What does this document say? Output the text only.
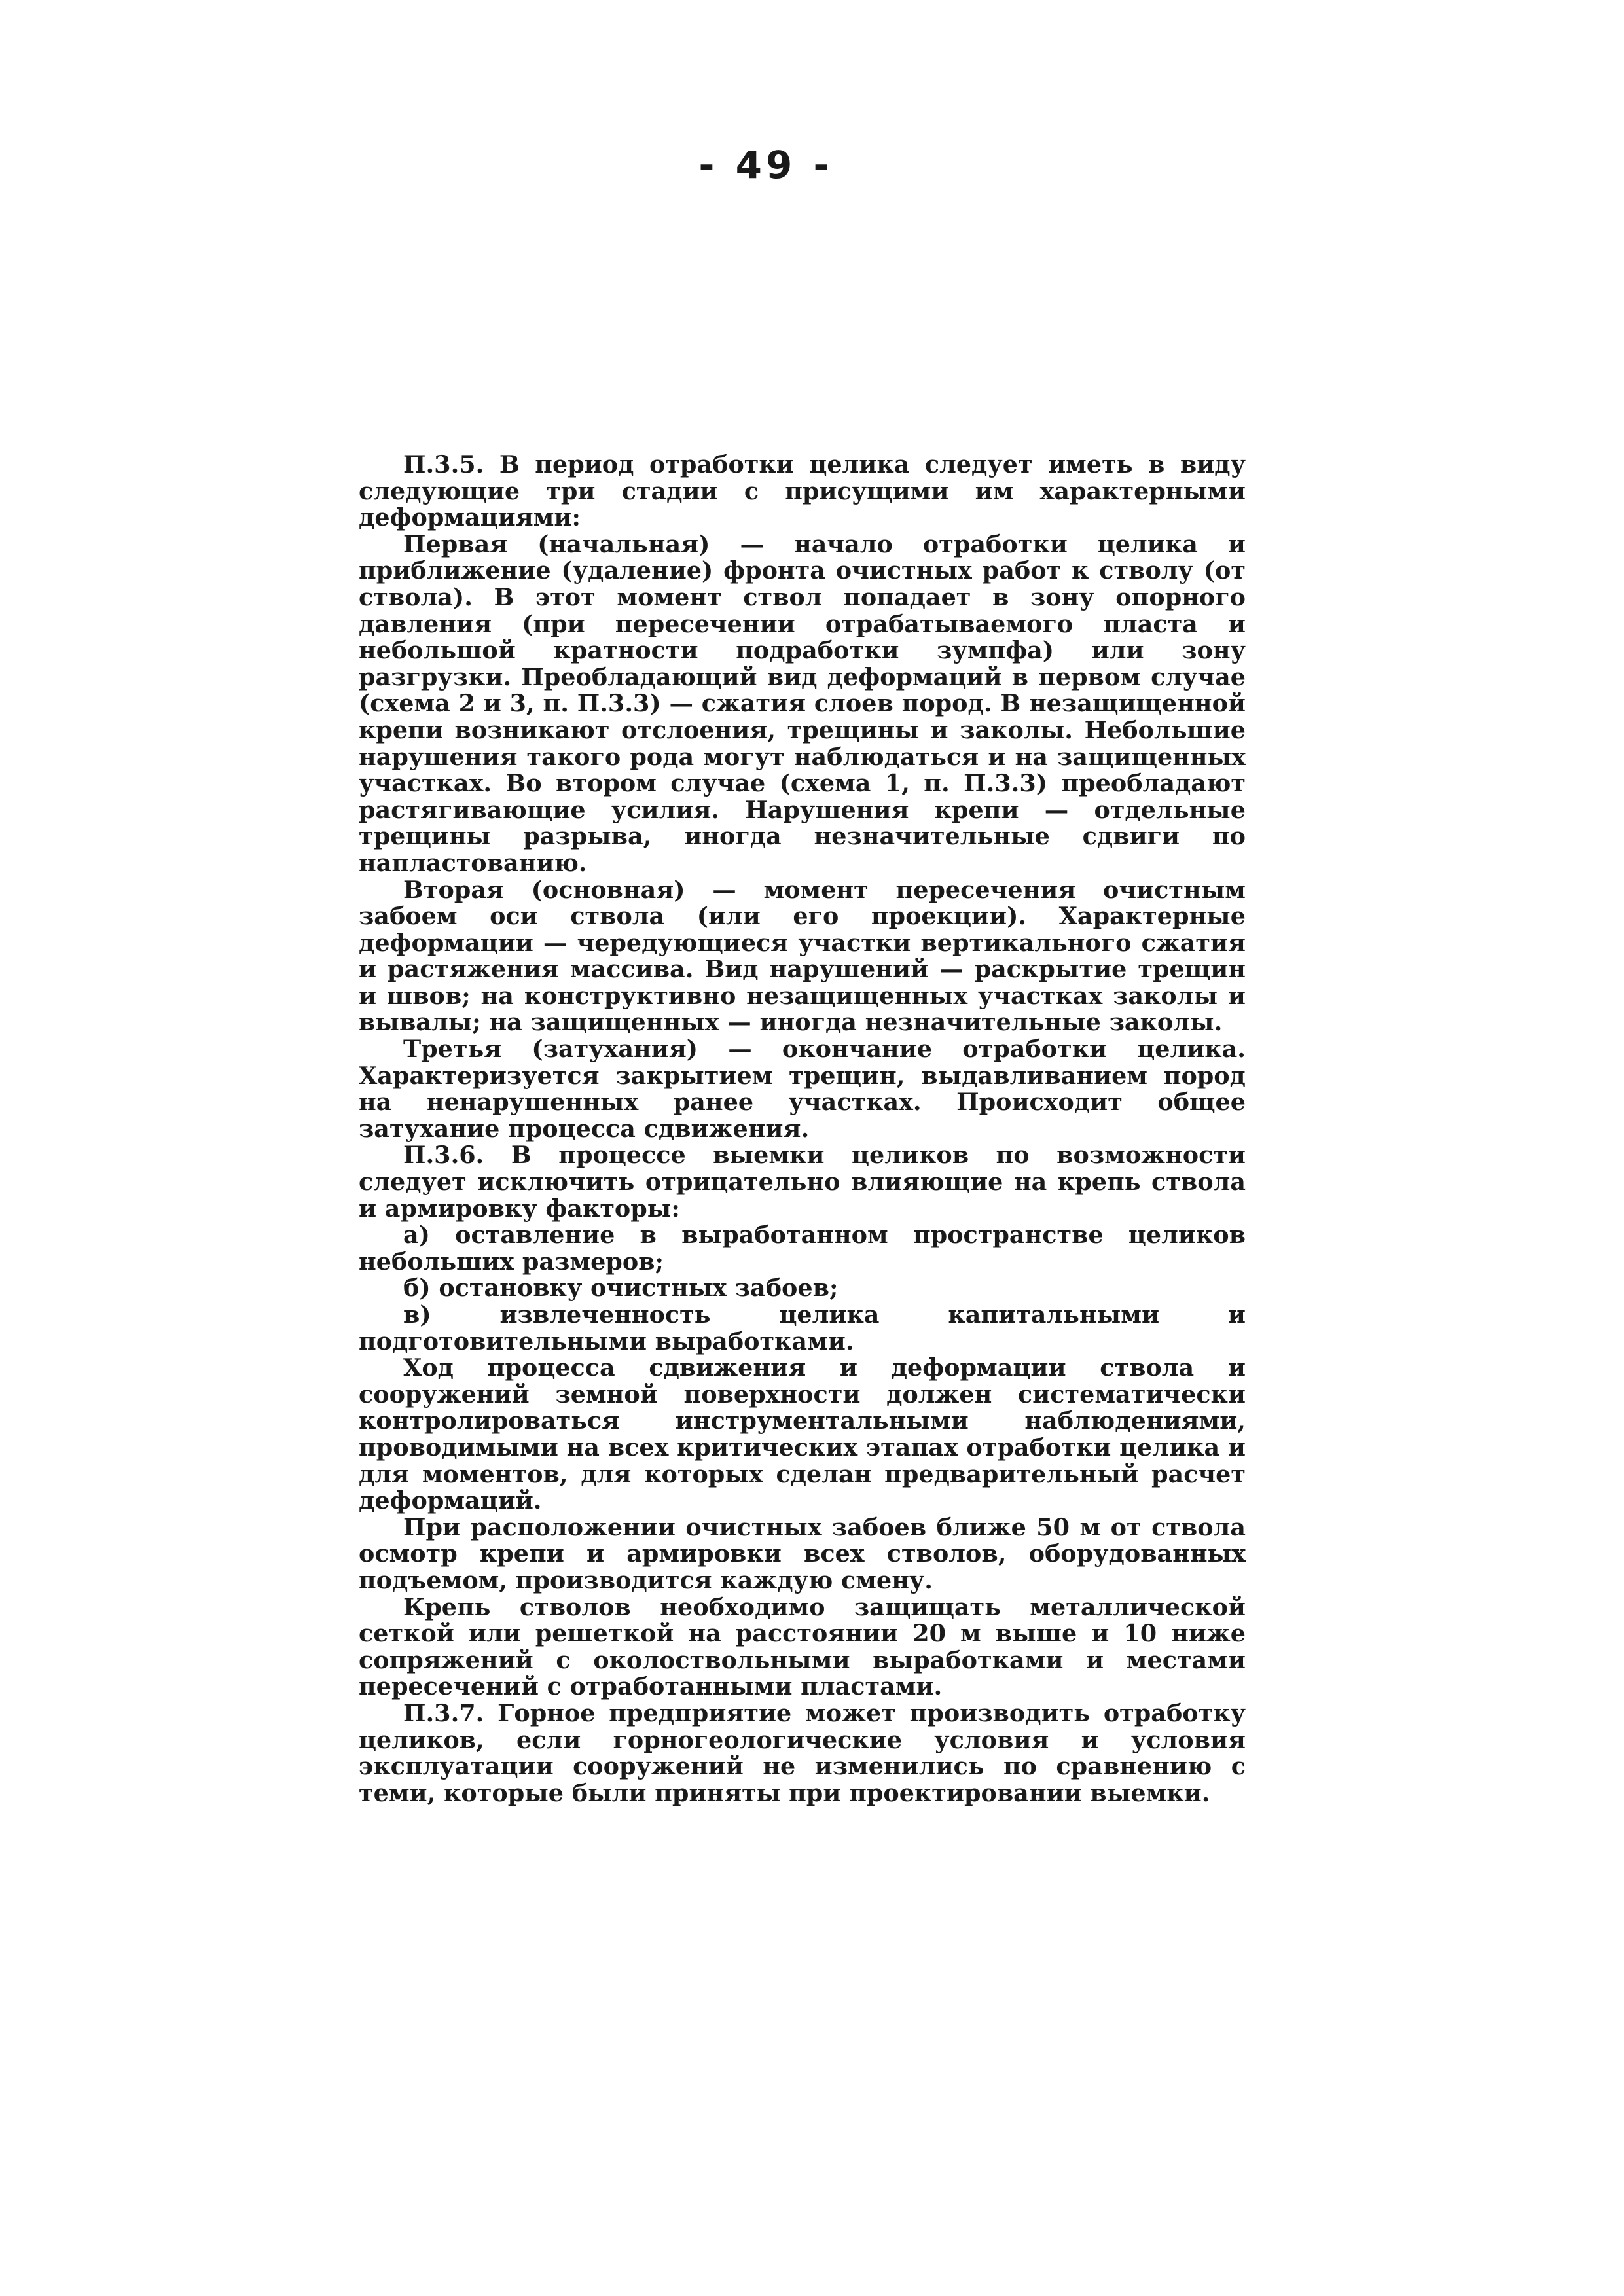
- 49 -

П.3.5. В период отработки целика следует иметь в виду следующие три стадии с присущими им характерными деформациями:

Первая (начальная) — начало отработки целика и приближение (удаление) фронта очистных работ к стволу (от ствола). В этот момент ствол попадает в зону опорного давления (при пересечении отрабатываемого пласта и небольшой кратности подработки зумпфа) или зону разгрузки. Преобладающий вид деформаций в первом случае (схема 2 и 3, п. П.3.3) — сжатия слоев пород. В незащищенной крепи возникают отслоения, трещины и заколы. Небольшие нарушения такого рода могут наблюдаться и на защищенных участках. Во втором случае (схема 1, п. П.3.3) преобладают растягивающие усилия. Нарушения крепи — отдельные трещины разрыва, иногда незначительные сдвиги по напластованию.

Вторая (основная) — момент пересечения очистным забоем оси ствола (или его проекции). Характерные деформации — чередующиеся участки вертикального сжатия и растяжения массива. Вид нарушений — раскрытие трещин и швов; на конструктивно незащищенных участках заколы и вывалы; на защищенных — иногда незначительные заколы.

Третья (затухания) — окончание отработки целика. Характеризуется закрытием трещин, выдавливанием пород на ненарушенных ранее участках. Происходит общее затухание процесса сдвижения.

П.3.6. В процессе выемки целиков по возможности следует исключить отрицательно влияющие на крепь ствола и армировку факторы:

а) оставление в выработанном пространстве целиков небольших размеров;

б) остановку очистных забоев;

в) извлеченность целика капитальными и подготовительными выработками.

Ход процесса сдвижения и деформации ствола и сооружений земной поверхности должен систематически контролироваться инструментальными наблюдениями, проводимыми на всех критических этапах отработки целика и для моментов, для которых сделан предварительный расчет деформаций.

При расположении очистных забоев ближе 50 м от ствола осмотр крепи и армировки всех стволов, оборудованных подъемом, производится каждую смену.

Крепь стволов необходимо защищать металлической сеткой или решеткой на расстоянии 20 м выше и 10 ниже сопряжений с околоствольными выработками и местами пересечений с отработанными пластами.

П.3.7. Горное предприятие может производить отработку целиков, если горногеологические условия и условия эксплуатации сооружений не изменились по сравнению с теми, которые были приняты при проектировании выемки.
